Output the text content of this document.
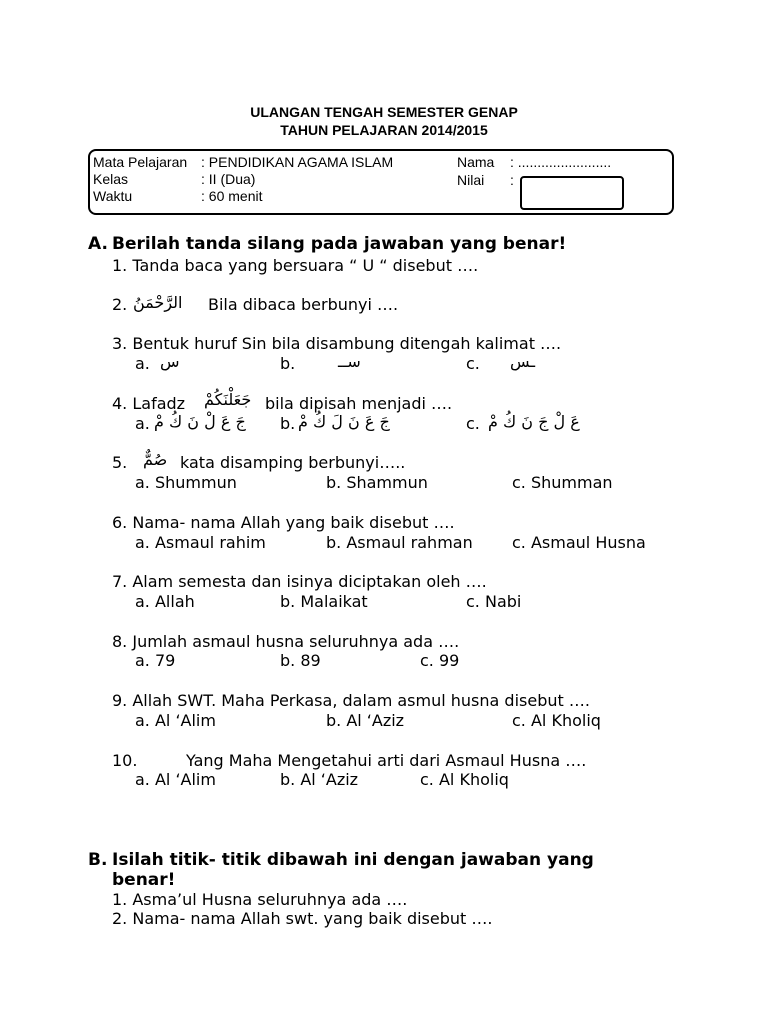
ULANGAN TENGAH SEMESTER GENAP
TAHUN PELAJARAN 2014/2015
Mata Pelajaran : PENDIDIKAN AGAMA ISLAM
Kelas	: II (Dua)
Waktu	: 60 menit
Nama : ........................
Nilai :
A. Berilah tanda silang pada jawaban yang benar!
1. Tanda baca yang bersuara “ U “ disebut ….
2. الرَّحْمَنُ Bila dibaca berbunyi ….
3. Bentuk huruf Sin bila disambung ditengah kalimat ….
a. س	b.	ســ	c. ـس
4. Lafadz جَعَلْنَكُمْ bila dipisah menjadi ….
a. جَ عَ لْ نَ كُ مْ b. جَ عَ نَ لَ كُ مْ	c. عَ لْ جَ نَ كُ مْ
5. صُمٌّ kata disamping berbunyi…..
a. Shummun	b. Shammun	c. Shumman
6. Nama- nama Allah yang baik disebut ….
a. Asmaul rahim	b. Asmaul rahman c. Asmaul Husna
7. Alam semesta dan isinya diciptakan oleh ….
a. Allah	b. Malaikat	c. Nabi
8. Jumlah asmaul husna seluruhnya ada ….
a. 79	b. 89	c. 99
9. Allah SWT. Maha Perkasa, dalam asmul husna disebut ….
a. Al ‘Alim	b. Al ‘Aziz	c. Al Kholiq
10.	Yang Maha Mengetahui arti dari Asmaul Husna ….
a. Al ‘Alim	b. Al ‘Aziz	c. Al Kholiq
B. Isilah titik- titik dibawah ini dengan jawaban yang
benar!
1. Asma’ul Husna seluruhnya ada ….
2. Nama- nama Allah swt. yang baik disebut ….
